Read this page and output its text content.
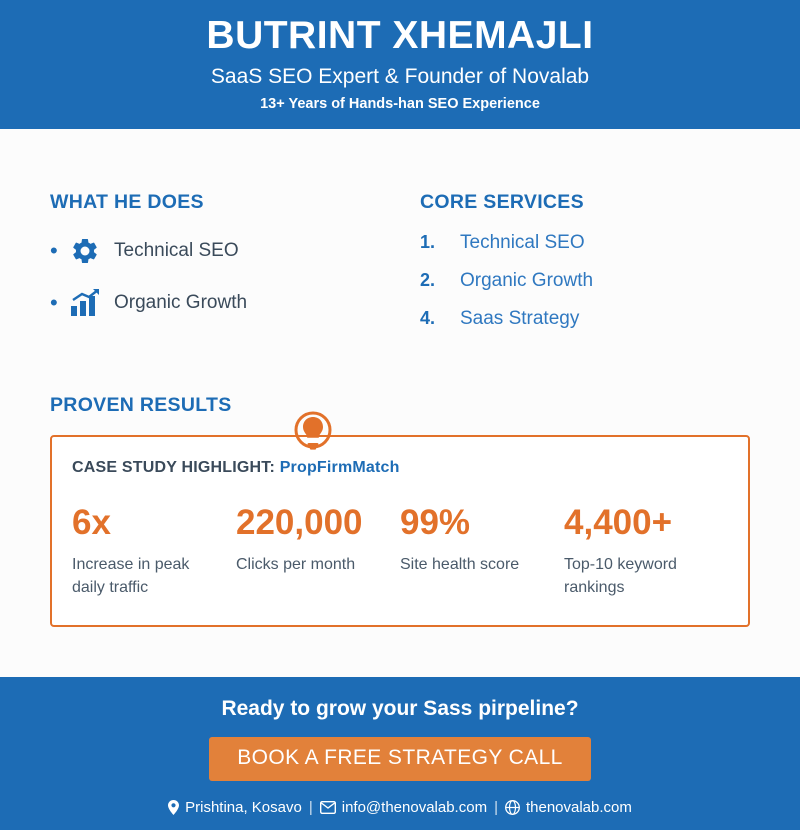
BUTRINT XHEMAJLI
SaaS SEO Expert & Founder of Novalab
13+ Years of Hands-han SEO Experience
WHAT HE DOES
•	Technical SEO
•	Organic Growth
CORE SERVICES
1.	Technical SEO
2.	Organic Growth
4.	Saas Strategy
PROVEN RESULTS
CASE STUDY HIGHLIGHT: PropFirmMatch
6x
Increase in peak daily traffic
220,000
Clicks per month
99%
Site health score
4,400+
Top-10 keyword rankings
Ready to grow your Sass pirpeline?
BOOK A FREE STRATEGY CALL
Prishtina, Kosavo | info@thenovalab.com | thenovalab.com
